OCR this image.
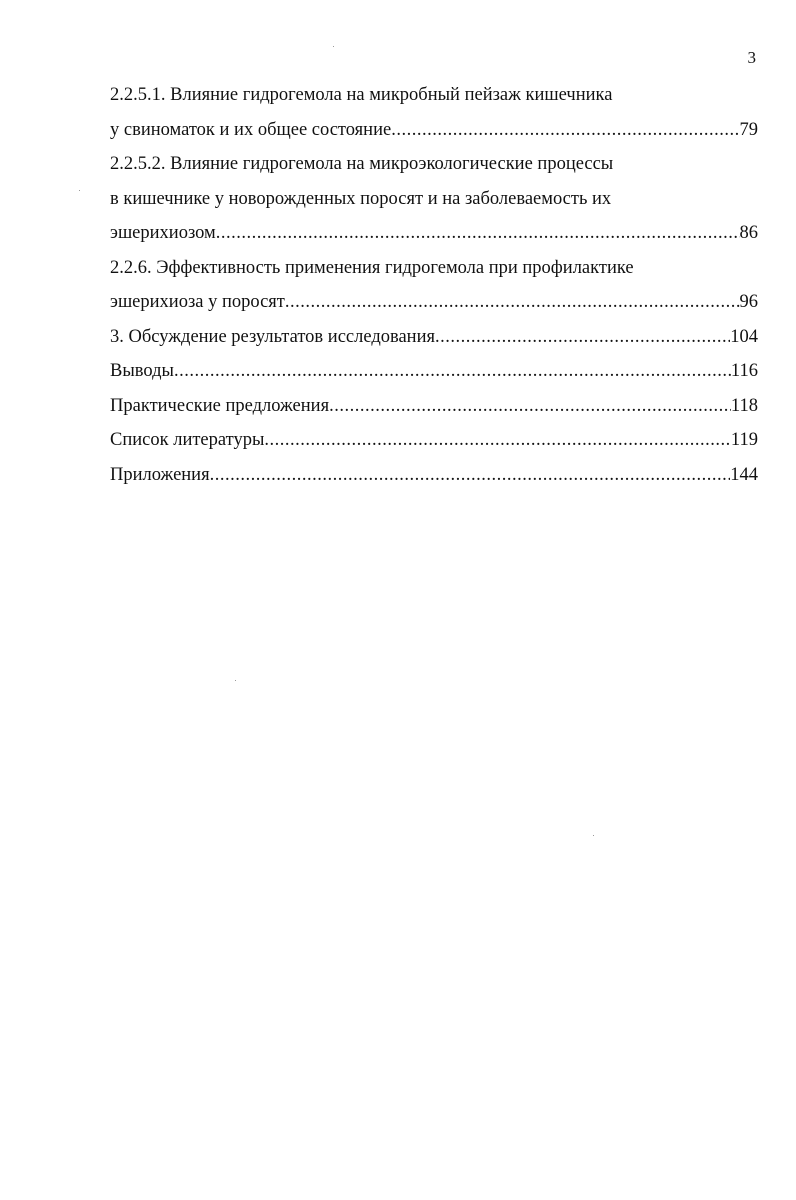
3
2.2.5.1. Влияние гидрогемола на микробный пейзаж кишечника
у свиноматок и их общее состояние .....	79
2.2.5.2. Влияние гидрогемола на микроэкологические процессы
в кишечнике у новорожденных поросят и на заболеваемость их
эшерихиозом .....	86
2.2.6. Эффективность применения гидрогемола при профилактике
эшерихиоза у поросят .....	96
3. Обсуждение результатов исследования .....	104
Выводы .....	116
Практические предложения .....	118
Список литературы .....	119
Приложения .....	144
